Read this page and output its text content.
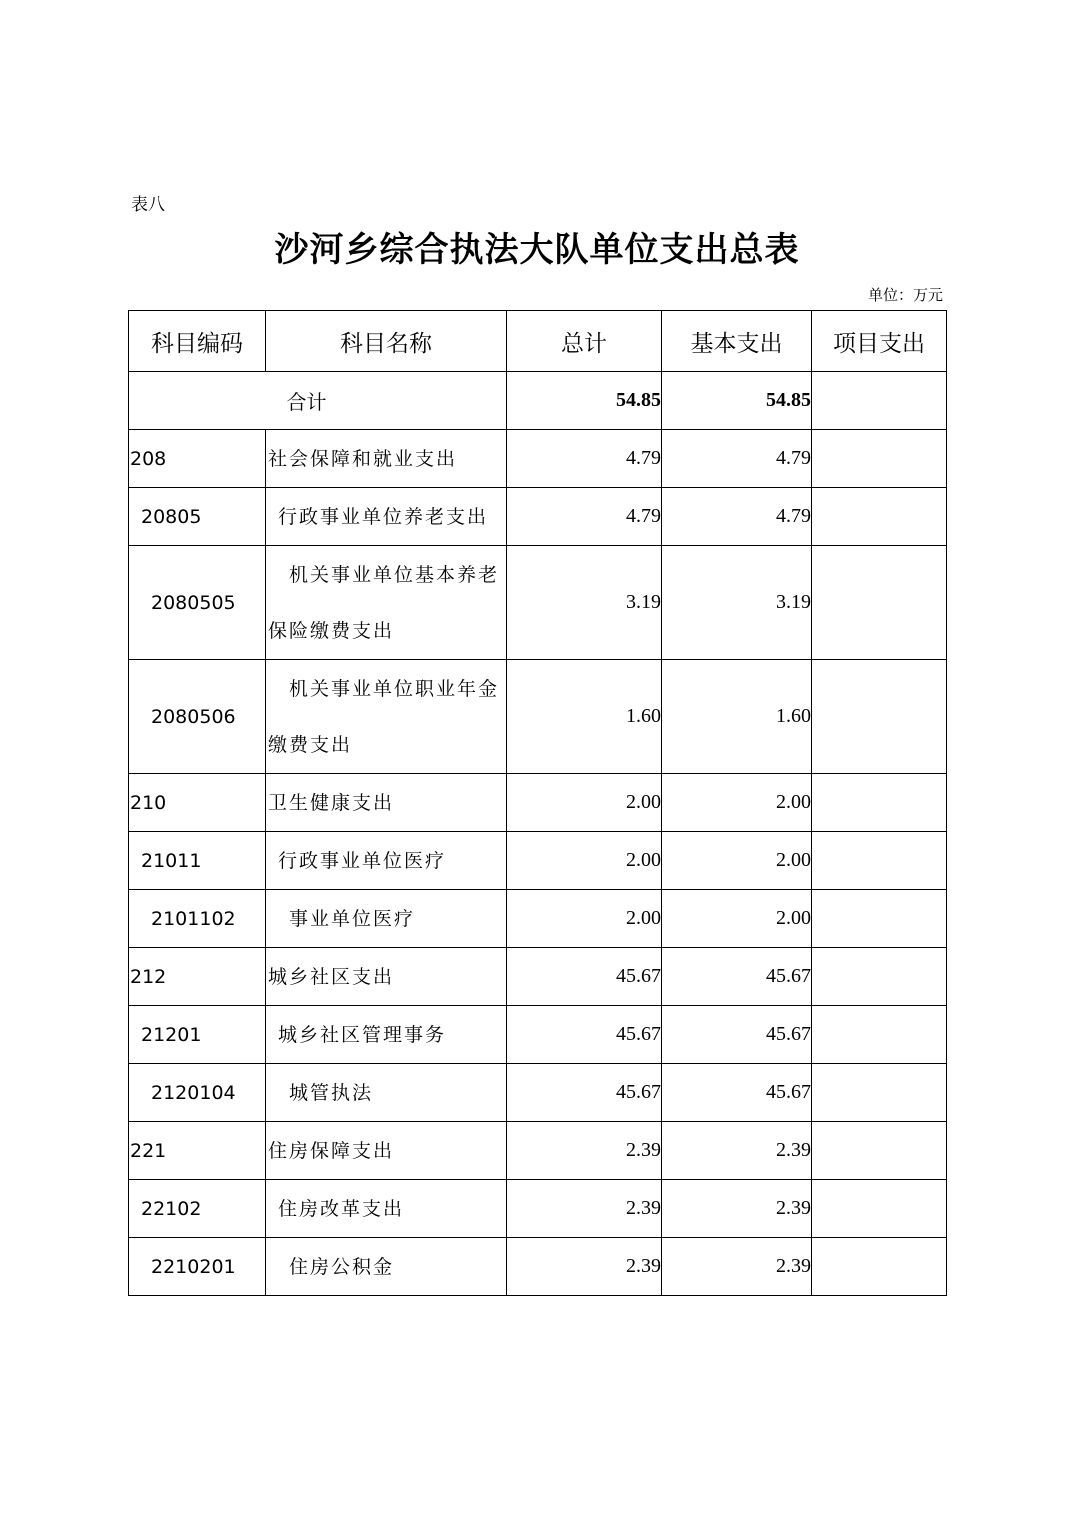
表八
沙河乡综合执法大队单位支出总表
单位：万元
科目编码	科目名称	总计	基本支出	项目支出
合计		54.85	54.85	
208	社会保障和就业支出	4.79	4.79	
20805	行政事业单位养老支出	4.79	4.79	
2080505	机关事业单位基本养老保险缴费支出	3.19	3.19	
2080506	机关事业单位职业年金缴费支出	1.60	1.60	
210	卫生健康支出	2.00	2.00	
21011	行政事业单位医疗	2.00	2.00	
2101102	事业单位医疗	2.00	2.00	
212	城乡社区支出	45.67	45.67	
21201	城乡社区管理事务	45.67	45.67	
2120104	城管执法	45.67	45.67	
221	住房保障支出	2.39	2.39	
22102	住房改革支出	2.39	2.39	
2210201	住房公积金	2.39	2.39	
